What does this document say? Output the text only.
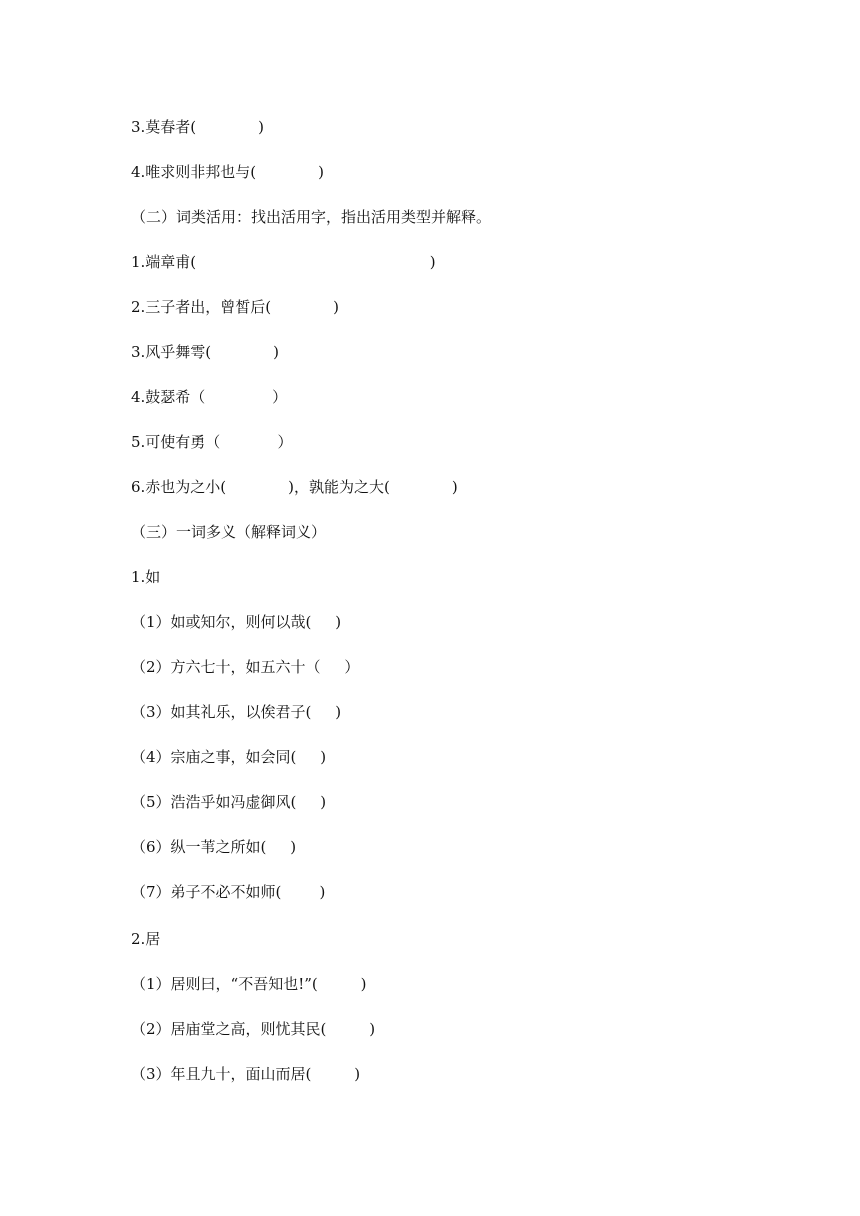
3.莫春者(             )
4.唯求则非邦也与(             )
（二）词类活用：找出活用字，指出活用类型并解释。
1.端章甫(                                                 )
2.三子者出，曾皙后(             )
3.风乎舞雩(             )
4.鼓瑟希（              ）
5.可使有勇（            ）
6.赤也为之小(             )，孰能为之大(             )
（三）一词多义（解释词义）
1.如
（1）如或知尔，则何以哉(     )
（2）方六七十，如五六十（     ）
（3）如其礼乐，以俟君子(     )
（4）宗庙之事，如会同(     )
（5）浩浩乎如冯虚御风(     )
（6）纵一苇之所如(     )
（7）弟子不必不如师(        )
2.居
（1）居则曰，“不吾知也!”(         )
（2）居庙堂之高，则忧其民(         )
（3）年且九十，面山而居(         )
